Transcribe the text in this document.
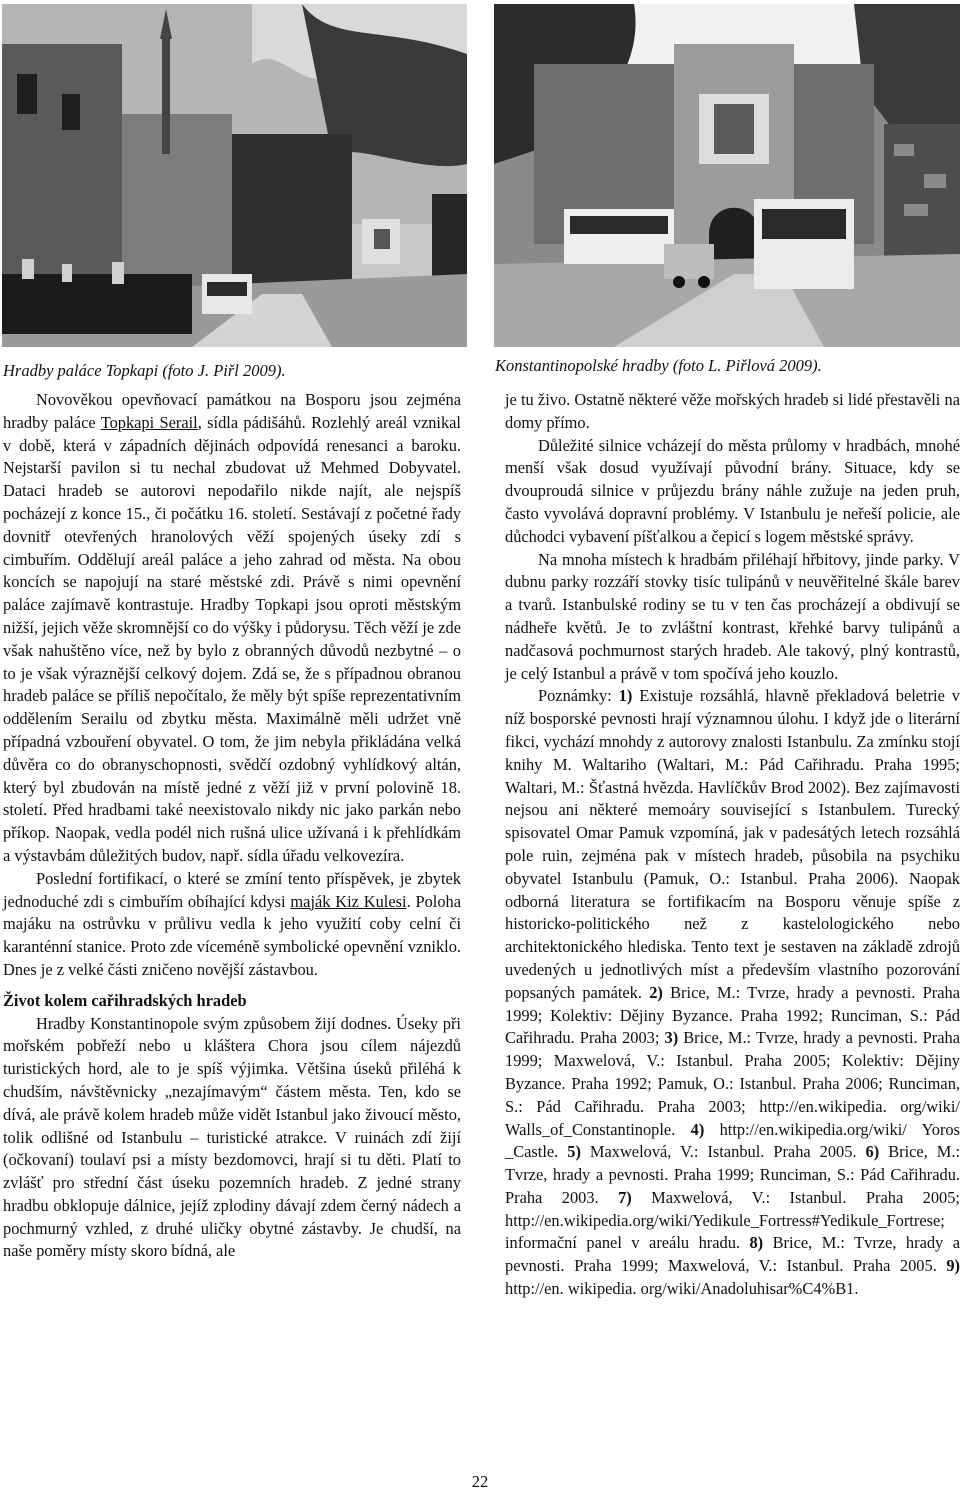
Hradby paláce Topkapi (foto J. Piřl 2009).	Konstantinopolské hradby (foto L. Piřlová 2009).

Novověkou opevňovací památkou na Bosporu jsou zejména hradby paláce Topkapi Serail, sídla pádišáhů. Rozlehlý areál vznikal v době, která v západních dějinách odpovídá renesanci a baroku. Nejstarší pavilon si tu nechal zbudovat už Mehmed Dobyvatel. Dataci hradeb se autorovi nepodařilo nikde najít, ale nejspíš pocházejí z konce 15., či počátku 16. století. Sestávají z početné řady dovnitř otevřených hranolových věží spojených úseky zdí s cimbuřím. Oddělují areál paláce a jeho zahrad od města. Na obou koncích se napojují na staré městské zdi. Právě s nimi opevnění paláce zajímavě kontrastuje. Hradby Topkapi jsou oproti městským nižší, jejich věže skromnější co do výšky i půdorysu. Těch věží je zde však nahuštěno více, než by bylo z obranných důvodů nezbytné – o to je však výraznější celkový dojem. Zdá se, že s případnou obranou hradeb paláce se příliš nepočítalo, že měly být spíše reprezentativním oddělením Serailu od zbytku města. Maximálně měli udržet vně případná vzbouření obyvatel. O tom, že jim nebyla přikládána velká důvěra co do obranyschopnosti, svědčí ozdobný vyhlídkový altán, který byl zbudován na místě jedné z věží již v první polovině 18. století. Před hradbami také neexistovalo nikdy nic jako parkán nebo příkop. Naopak, vedla podél nich rušná ulice užívaná i k přehlídkám a výstavbám důležitých budov, např. sídla úřadu velkovezíra.

Poslední fortifikací, o které se zmíní tento příspěvek, je zbytek jednoduché zdi s cimbuřím obíhající kdysi maják Kiz Kulesi. Poloha majáku na ostrůvku v průlivu vedla k jeho využití coby celní či karanténní stanice. Proto zde víceméně symbolické opevnění vzniklo. Dnes je z velké části zničeno novější zástavbou.

Život kolem cařihradských hradeb

Hradby Konstantinopole svým způsobem žijí dodnes. Úseky při mořském pobřeží nebo u kláštera Chora jsou cílem nájezdů turistických hord, ale to je spíš výjimka. Většina úseků přiléhá k chudším, návštěvnicky „nezajímavým“ částem města. Ten, kdo se dívá, ale právě kolem hradeb může vidět Istanbul jako živoucí město, tolik odlišné od Istanbulu – turistické atrakce. V ruinách zdí žijí (očkovaní) toulaví psi a místy bezdomovci, hrají si tu děti. Platí to zvlášť pro střední část úseku pozemních hradeb. Z jedné strany hradbu obklopuje dálnice, jejíž zplodiny dávají zdem černý nádech a pochmurný vzhled, z druhé uličky obytné zástavby. Je chudší, na naše poměry místy skoro bídná, ale

je tu živo. Ostatně některé věže mořských hradeb si lidé přestavěli na domy přímo.

Důležité silnice vcházejí do města průlomy v hradbách, mnohé menší však dosud využívají původní brány. Situace, kdy se dvouproudá silnice v průjezdu brány náhle zužuje na jeden pruh, často vyvolává dopravní problémy. V Istanbulu je neřeší policie, ale důchodci vybavení píšťalkou a čepicí s logem městské správy.

Na mnoha místech k hradbám přiléhají hřbitovy, jinde parky. V dubnu parky rozzáří stovky tisíc tulipánů v neuvěřitelné škále barev a tvarů. Istanbulské rodiny se tu v ten čas procházejí a obdivují se nádheře květů. Je to zvláštní kontrast, křehké barvy tulipánů a nadčasová pochmurnost starých hradeb. Ale takový, plný kontrastů, je celý Istanbul a právě v tom spočívá jeho kouzlo.

Poznámky: 1) Existuje rozsáhlá, hlavně překladová beletrie v níž bosporské pevnosti hrají významnou úlohu. I když jde o literární fikci, vychází mnohdy z autorovy znalosti Istanbulu. Za zmínku stojí knihy M. Waltariho (Waltari, M.: Pád Cařihradu. Praha 1995; Waltari, M.: Šťastná hvězda. Havlíčkův Brod 2002). Bez zajímavosti nejsou ani některé memoáry související s Istanbulem. Turecký spisovatel Omar Pamuk vzpomíná, jak v padesátých letech rozsáhlá pole ruin, zejména pak v místech hradeb, působila na psychiku obyvatel Istanbulu (Pamuk, O.: Istanbul. Praha 2006). Naopak odborná literatura se fortifikacím na Bosporu věnuje spíše z historicko-politického než z kastelologického nebo architektonického hlediska. Tento text je sestaven na základě zdrojů uvedených u jednotlivých míst a především vlastního pozorování popsaných památek. 2) Brice, M.: Tvrze, hrady a pevnosti. Praha 1999; Kolektiv: Dějiny Byzance. Praha 1992; Runciman, S.: Pád Cařihradu. Praha 2003; 3) Brice, M.: Tvrze, hrady a pevnosti. Praha 1999; Maxwelová, V.: Istanbul. Praha 2005; Kolektiv: Dějiny Byzance. Praha 1992; Pamuk, O.: Istanbul. Praha 2006; Runciman, S.: Pád Cařihradu. Praha 2003; http://en.wikipedia. org/wiki/ Walls_of_Constantinople. 4) http://en.wikipedia.org/wiki/ Yoros _Castle. 5) Maxwelová, V.: Istanbul. Praha 2005. 6) Brice, M.: Tvrze, hrady a pevnosti. Praha 1999; Runciman, S.: Pád Cařihradu. Praha 2003. 7) Maxwelová, V.: Istanbul. Praha 2005; http://en.wikipedia.org/wiki/Yedikule_Fortress#Yedikule_Fortrese; informační panel v areálu hradu. 8) Brice, M.: Tvrze, hrady a pevnosti. Praha 1999; Maxwelová, V.: Istanbul. Praha 2005. 9) http://en. wikipedia. org/wiki/Anadoluhisar%C4%B1.

22
